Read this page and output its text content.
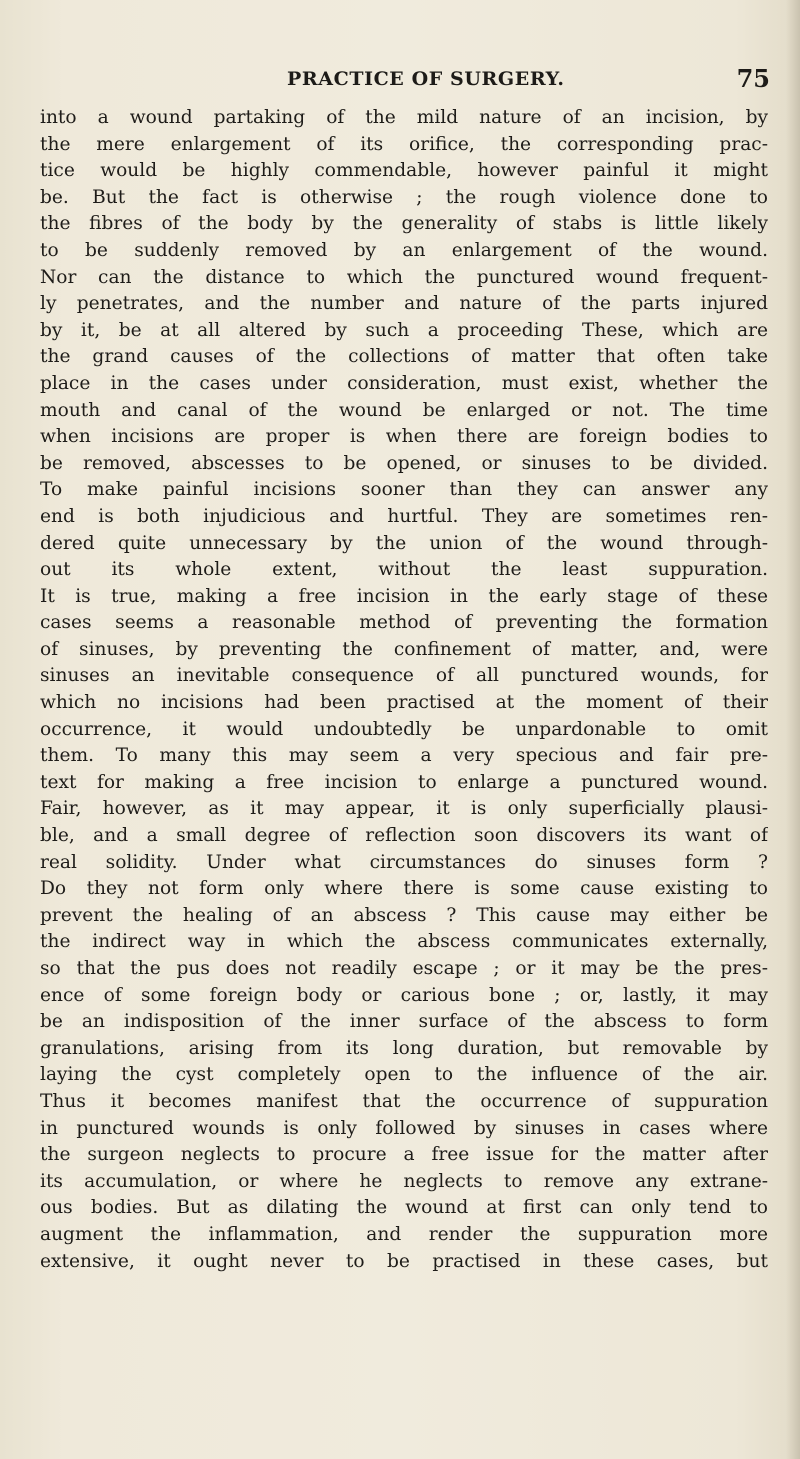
PRACTICE OF SURGERY.	75
into a wound partaking of the mild nature of an incision, by
the mere enlargement of its orifice, the corresponding prac-
tice would be highly commendable, however painful it might
be. But the fact is otherwise ; the rough violence done to
the fibres of the body by the generality of stabs is little likely
to be suddenly removed by an enlargement of the wound.
Nor can the distance to which the punctured wound frequent-
ly penetrates, and the number and nature of the parts injured
by it, be at all altered by such a proceeding These, which are
the grand causes of the collections of matter that often take
place in the cases under consideration, must exist, whether the
mouth and canal of the wound be enlarged or not. The time
when incisions are proper is when there are foreign bodies to
be removed, abscesses to be opened, or sinuses to be divided.
To make painful incisions sooner than they can answer any
end is both injudicious and hurtful. They are sometimes ren-
dered quite unnecessary by the union of the wound through-
out its whole extent, without the least suppuration.
It is true, making a free incision in the early stage of these
cases seems a reasonable method of preventing the formation
of sinuses, by preventing the confinement of matter, and, were
sinuses an inevitable consequence of all punctured wounds, for
which no incisions had been practised at the moment of their
occurrence, it would undoubtedly be unpardonable to omit
them. To many this may seem a very specious and fair pre-
text for making a free incision to enlarge a punctured wound.
Fair, however, as it may appear, it is only superficially plausi-
ble, and a small degree of reflection soon discovers its want of
real solidity. Under what circumstances do sinuses form ?
Do they not form only where there is some cause existing to
prevent the healing of an abscess ? This cause may either be
the indirect way in which the abscess communicates externally,
so that the pus does not readily escape ; or it may be the pres-
ence of some foreign body or carious bone ; or, lastly, it may
be an indisposition of the inner surface of the abscess to form
granulations, arising from its long duration, but removable by
laying the cyst completely open to the influence of the air.
Thus it becomes manifest that the occurrence of suppuration
in punctured wounds is only followed by sinuses in cases where
the surgeon neglects to procure a free issue for the matter after
its accumulation, or where he neglects to remove any extrane-
ous bodies. But as dilating the wound at first can only tend to
augment the inflammation, and render the suppuration more
extensive, it ought never to be practised in these cases, but
